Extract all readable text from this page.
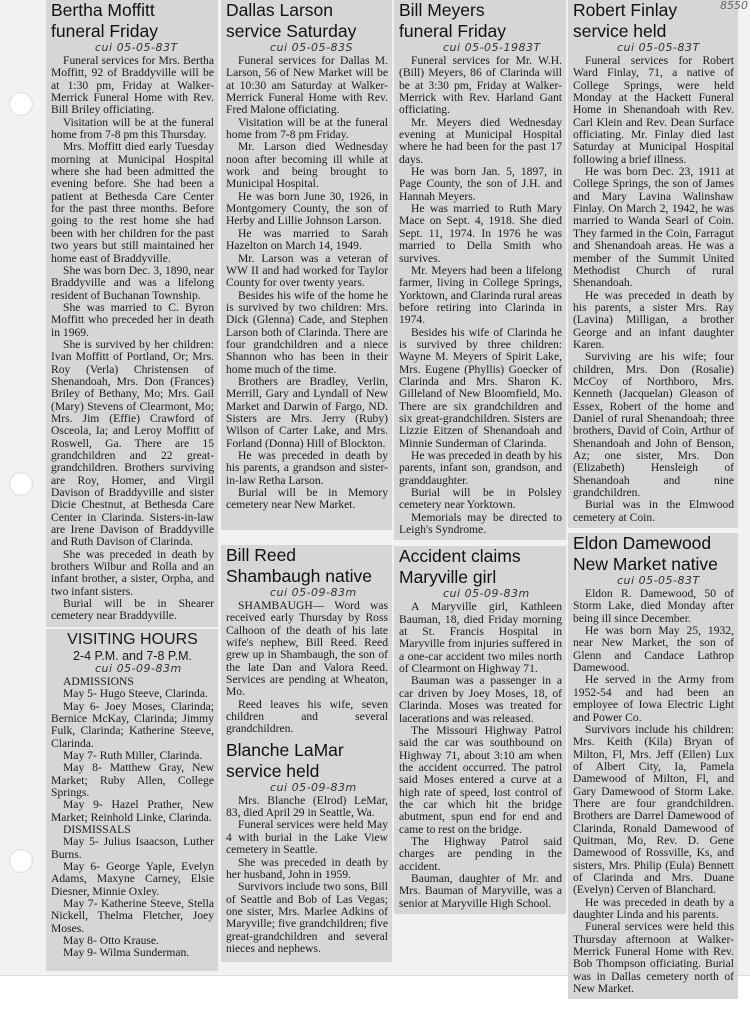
Bertha Moffitt

funeral Friday

cui 05-05-83T

Funeral services for Mrs. Bertha Moffitt, 92 of Braddyville will be at 1:30 pm, Friday at Walker-Merrick Funeral Home with Rev. Bill Briley officiating.

Visitation will be at the funeral home from 7-8 pm this Thursday.

Mrs. Moffitt died early Tuesday morning at Municipal Hospital where she had been admitted the evening before. She had been a patient at Bethesda Care Center for the past three months. Before going to the rest home she had been with her children for the past two years but still maintained her home east of Braddyville.

She was born Dec. 3, 1890, near Braddyville and was a lifelong resident of Buchanan Township.

She was married to C. Byron Moffitt who preceded her in death in 1969.

She is survived by her children: Ivan Moffitt of Portland, Or; Mrs. Roy (Verla) Christensen of Shenandoah, Mrs. Don (Frances) Briley of Bethany, Mo; Mrs. Gail (Mary) Stevens of Clearmont, Mo; Mrs. Jim (Effie) Crawford of Osceola, Ia; and Leroy Moffitt of Roswell, Ga. There are 15 grandchildren and 22 great-grandchildren. Brothers surviving are Roy, Homer, and Virgil Davison of Braddyville and sister Dicie Chestnut, at Bethesda Care Center in Clarinda. Sisters-in-law are Irene Davison of Braddyville and Ruth Davison of Clarinda.

She was preceded in death by brothers Wilbur and Rolla and an infant brother, a sister, Orpha, and two infant sisters.

Burial will be in Shearer cemetery near Braddyville.

VISITING HOURS

2-4 P.M. and 7-8 P.M.

cui 05-09-83m

ADMISSIONS

May 5- Hugo Steeve, Clarinda.

May 6- Joey Moses, Clarinda; Bernice McKay, Clarinda; Jimmy Fulk, Clarinda; Katherine Steeve, Clarinda.

May 7- Ruth Miller, Clarinda.

May 8- Matthew Gray, New Market; Ruby Allen, College Springs.

May 9- Hazel Prather, New Market; Reinhold Linke, Clarinda.

DISMISSALS

May 5- Julius Isaacson, Luther Burns.

May 6- George Yaple, Evelyn Adams, Maxyne Carney, Elsie Diesner, Minnie Oxley.

May 7- Katherine Steeve, Stella Nickell, Thelma Fletcher, Joey Moses.

May 8- Otto Krause.

May 9- Wilma Sunderman.

Dallas Larson

service Saturday

cui 05-05-83S

Funeral services for Dallas M. Larson, 56 of New Market will be at 10:30 am Saturday at Walker-Merrick Funeral Home with Rev. Fred Malone officiating.

Visitation will be at the funeral home from 7-8 pm Friday.

Mr. Larson died Wednesday noon after becoming ill while at work and being brought to Municipal Hospital.

He was born June 30, 1926, in Montgomery County, the son of Herby and Lillie Johnson Larson.

He was married to Sarah Hazelton on March 14, 1949.

Mr. Larson was a veteran of WW II and had worked for Taylor County for over twenty years.

Besides his wife of the home he is survived by two children: Mrs. Dick (Glenna) Cade, and Stephen Larson both of Clarinda. There are four grandchildren and a niece Shannon who has been in their home much of the time.

Brothers are Bradley, Verlin, Merrill, Gary and Lyndall of New Market and Darwin of Fargo, ND. Sisters are Mrs. Jerry (Ruby) Wilson of Carter Lake, and Mrs. Forland (Donna) Hill of Blockton.

He was preceded in death by his parents, a grandson and sister-in-law Retha Larson.

Burial will be in Memory cemetery near New Market.

Bill Reed

Shambaugh native

cui 05-09-83m

SHAMBAUGH— Word was received early Thursday by Ross Calhoon of the death of his late wife's nephew, Bill Reed. Reed grew up in Shambaugh, the son of the late Dan and Valora Reed. Services are pending at Wheaton, Mo.

Reed leaves his wife, seven children and several grandchildren.

Blanche LaMar

service held

cui 05-09-83m

Mrs. Blanche (Elrod) LeMar, 83, died April 29 in Seattle, Wa.

Funeral services were held May 4 with burial in the Lake View cemetery in Seattle.

She was preceded in death by her husband, John in 1959.

Survivors include two sons, Bill of Seattle and Bob of Las Vegas; one sister, Mrs. Marlee Adkins of Maryville; five grandchildren; five great-grandchildren and several nieces and nephews.

Bill Meyers

funeral Friday

cui 05-05-1983T

Funeral services for Mr. W.H. (Bill) Meyers, 86 of Clarinda will be at 3:30 pm, Friday at Walker-Merrick with Rev. Harland Gant officiating.

Mr. Meyers died Wednesday evening at Municipal Hospital where he had been for the past 17 days.

He was born Jan. 5, 1897, in Page County, the son of J.H. and Hannah Meyers.

He was married to Ruth Mary Mace on Sept. 4, 1918. She died Sept. 11, 1974. In 1976 he was married to Della Smith who survives.

Mr. Meyers had been a lifelong farmer, living in College Springs, Yorktown, and Clarinda rural areas before retiring into Clarinda in 1974.

Besides his wife of Clarinda he is survived by three children: Wayne M. Meyers of Spirit Lake, Mrs. Eugene (Phyllis) Goecker of Clarinda and Mrs. Sharon K. Gilleland of New Bloomfield, Mo. There are six grandchildren and six great-grandchildren. Sisters are Lizzie Eitzen of Shenandoah and Minnie Sunderman of Clarinda.

He was preceded in death by his parents, infant son, grandson, and granddaughter.

Burial will be in Polsley cemetery near Yorktown.

Memorials may be directed to Leigh's Syndrome.

Accident claims

Maryville girl

cui 05-09-83m

A Maryville girl, Kathleen Bauman, 18, died Friday morning at St. Francis Hospital in Maryville from injuries suffered in a one-car accident two miles north of Clearmont on Highway 71.

Bauman was a passenger in a car driven by Joey Moses, 18, of Clarinda. Moses was treated for lacerations and was released.

The Missouri Highway Patrol said the car was southbound on Highway 71, about 3:10 am when the accident occurred. The patrol said Moses entered a curve at a high rate of speed, lost control of the car which hit the bridge abutment, spun end for end and came to rest on the bridge.

The Highway Patrol said charges are pending in the accident.

Bauman, daughter of Mr. and Mrs. Bauman of Maryville, was a senior at Maryville High School.

Robert Finlay

service held

cui 05-05-83T

Funeral services for Robert Ward Finlay, 71, a native of College Springs, were held Monday at the Hackett Funeral Home in Shenandoah with Rev. Carl Klein and Rev. Dean Surface officiating. Mr. Finlay died last Saturday at Municipal Hospital following a brief illness.

He was born Dec. 23, 1911 at College Springs, the son of James and Mary Lavina Walinshaw Finlay. On March 2, 1942, he was married to Wanda Searl of Coin. They farmed in the Coin, Farragut and Shenandoah areas. He was a member of the Summit United Methodist Church of rural Shenandoah.

He was preceded in death by his parents, a sister Mrs. Ray (Lavina) Milligan, a brother George and an infant daughter Karen.

Surviving are his wife; four children, Mrs. Don (Rosalie) McCoy of Northboro, Mrs. Kenneth (Jacquelan) Gleason of Essex, Robert of the home and Daniel of rural Shenandoah; three brothers, David of Coin, Arthur of Shenandoah and John of Benson, Az; one sister, Mrs. Don (Elizabeth) Hensleigh of Shenandoah and nine grandchildren.

Burial was in the Elmwood cemetery at Coin.

Eldon Damewood

New Market native

cui 05-05-83T

Eldon R. Damewood, 50 of Storm Lake, died Monday after being ill since December.

He was born May 25, 1932, near New Market, the son of Glenn and Candace Lathrop Damewood.

He served in the Army from 1952-54 and had been an employee of Iowa Electric Light and Power Co.

Survivors include his children: Mrs. Keith (Kila) Bryan of Milton, Fl, Mrs. Jeff (Ellen) Lux of Albert City, Ia, Pamela Damewood of Milton, Fl, and Gary Damewood of Storm Lake. There are four grandchildren. Brothers are Darrel Damewood of Clarinda, Ronald Damewood of Quitman, Mo, Rev. D. Gene Damewood of Rossville, Ks, and sisters, Mrs. Philip (Eula) Bennett of Clarinda and Mrs. Duane (Evelyn) Cerven of Blanchard.

He was preceded in death by a daughter Linda and his parents.

Funeral services were held this Thursday afternoon at Walker-Merrick Funeral Home with Rev. Bob Thompson officiating. Burial was in Dallas cemetery north of New Market.

8550
